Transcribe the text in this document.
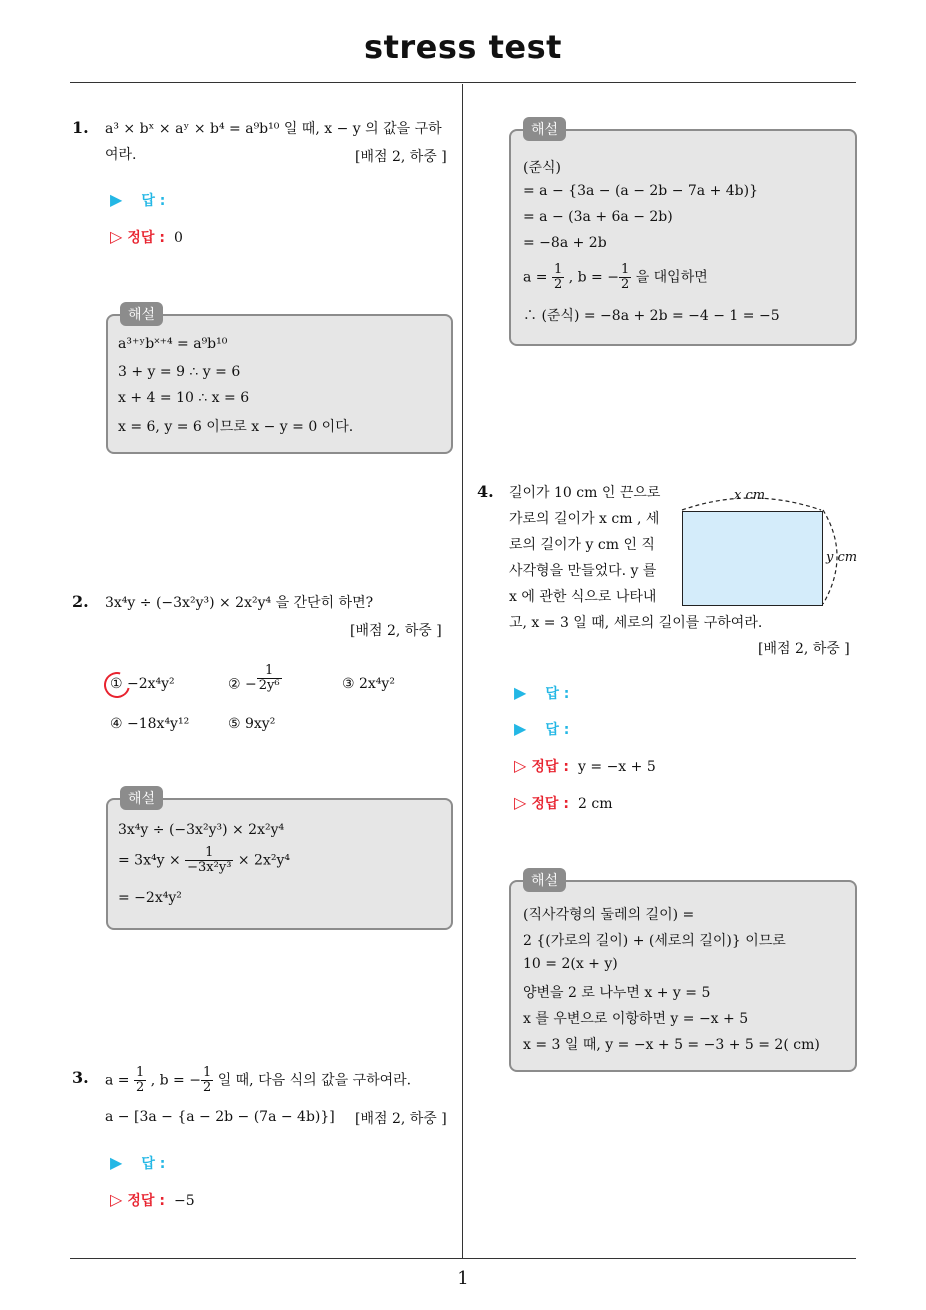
stress test
1
1. a³ × bˣ × aʸ × b⁴ = a⁹b¹⁰ 일 때, x − y 의 값을 구하
여라.	[배점 2, 하중 ]
▶ 답 :
▷ 정답 : 0
a³⁺ʸb˟⁺⁴ = a⁹b¹⁰
3 + y = 9 ∴ y = 6
x + 4 = 10 ∴ x = 6
x = 6, y = 6 이므로 x − y = 0 이다.
해설
2. 3x⁴y ÷ (−3x²y³) × 2x²y⁴ 을 간단히 하면?
[배점 2, 하중 ]
① −2x⁴y²	② − $\frac{1}{\text{2y⁶}}$	③ 2x⁴y²
④ −18x⁴y¹²	⑤ 9xy²
3x⁴y ÷ (−3x²y³) × 2x²y⁴
= $3x^4y \times \frac{1}{\text{−3x²y³}} \times 2x^2y^4$
= −2x⁴y²
해설
3. $a = \frac{1}{2}$ , b = − $\frac{1}{2}$ 일 때, 다음 식의 값을 구하여라.
a − [3a − {a − 2b − (7a − 4b)}] [배점 2, 하중 ]
▶ 답 :
▷ 정답 : −5
(준식)
= a − {3a − (a − 2b − 7a + 4b)}
= a − (3a + 6a − 2b)
= −8a + 2b
$a = \frac{1}{2}$ , b = − $\frac{1}{2}$ 을 대입하면
∴ (준식) = −8a + 2b = −4 − 1 = −5
해설
4. 길이가 10 cm 인 끈으로
가로의 길이가 x cm , 세
로의 길이가 y cm 인 직
사각형을 만들었다. y 를
x 에 관한 식으로 나타내
고, x = 3 일 때, 세로의 길이를 구하여라.
[배점 2, 하중 ]
x cm
y cm
▶ 답 :
▶ 답 :
▷ 정답 : y = −x + 5
▷ 정답 : 2 cm
(직사각형의 둘레의 길이) =
2 {(가로의 길이) + (세로의 길이)} 이므로
10 = 2(x + y)
양변을 2 로 나누면 x + y = 5
x 를 우변으로 이항하면 y = −x + 5
x = 3 일 때, y = −x + 5 = −3 + 5 = 2( cm)
해설
